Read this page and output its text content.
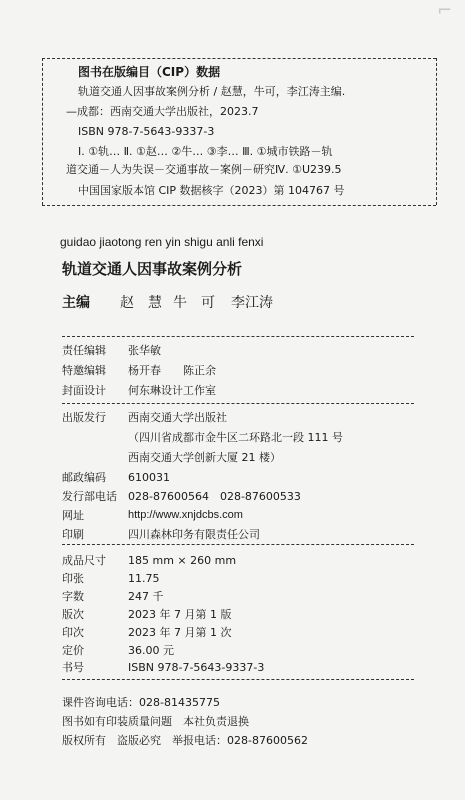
⌐
图书在版编目（CIP）数据
轨道交通人因事故案例分析 / 赵慧，牛可，李江涛主编.
—成都：西南交通大学出版社，2023.7
ISBN 978-7-5643-9337-3
Ⅰ. ①轨… Ⅱ. ①赵… ②牛… ③李… Ⅲ. ①城市铁路－轨
道交通－人为失误－交通事故－案例－研究Ⅳ. ①U239.5
中国国家版本馆 CIP 数据核字（2023）第 104767 号
guidao jiaotong ren yin shigu anli fenxi
轨道交通人因事故案例分析
主编 赵　慧 牛　可 李江涛
责任编辑 张华敏
特邀编辑 杨开春　　陈正余
封面设计 何东琳设计工作室
出版发行 西南交通大学出版社
（四川省成都市金牛区二环路北一段 111 号
西南交通大学创新大厦 21 楼）
邮政编码 610031
发行部电话 028-87600564　028-87600533
网址	http://www.xnjdcbs.com
印刷	四川森林印务有限责任公司
成品尺寸 185 mm × 260 mm
印张	11.75
字数	247 千
版次	2023 年 7 月第 1 版
印次	2023 年 7 月第 1 次
定价	36.00 元
书号	ISBN 978-7-5643-9337-3
课件咨询电话：028-81435775
图书如有印装质量问题　本社负责退换
版权所有　盗版必究　举报电话：028-87600562
